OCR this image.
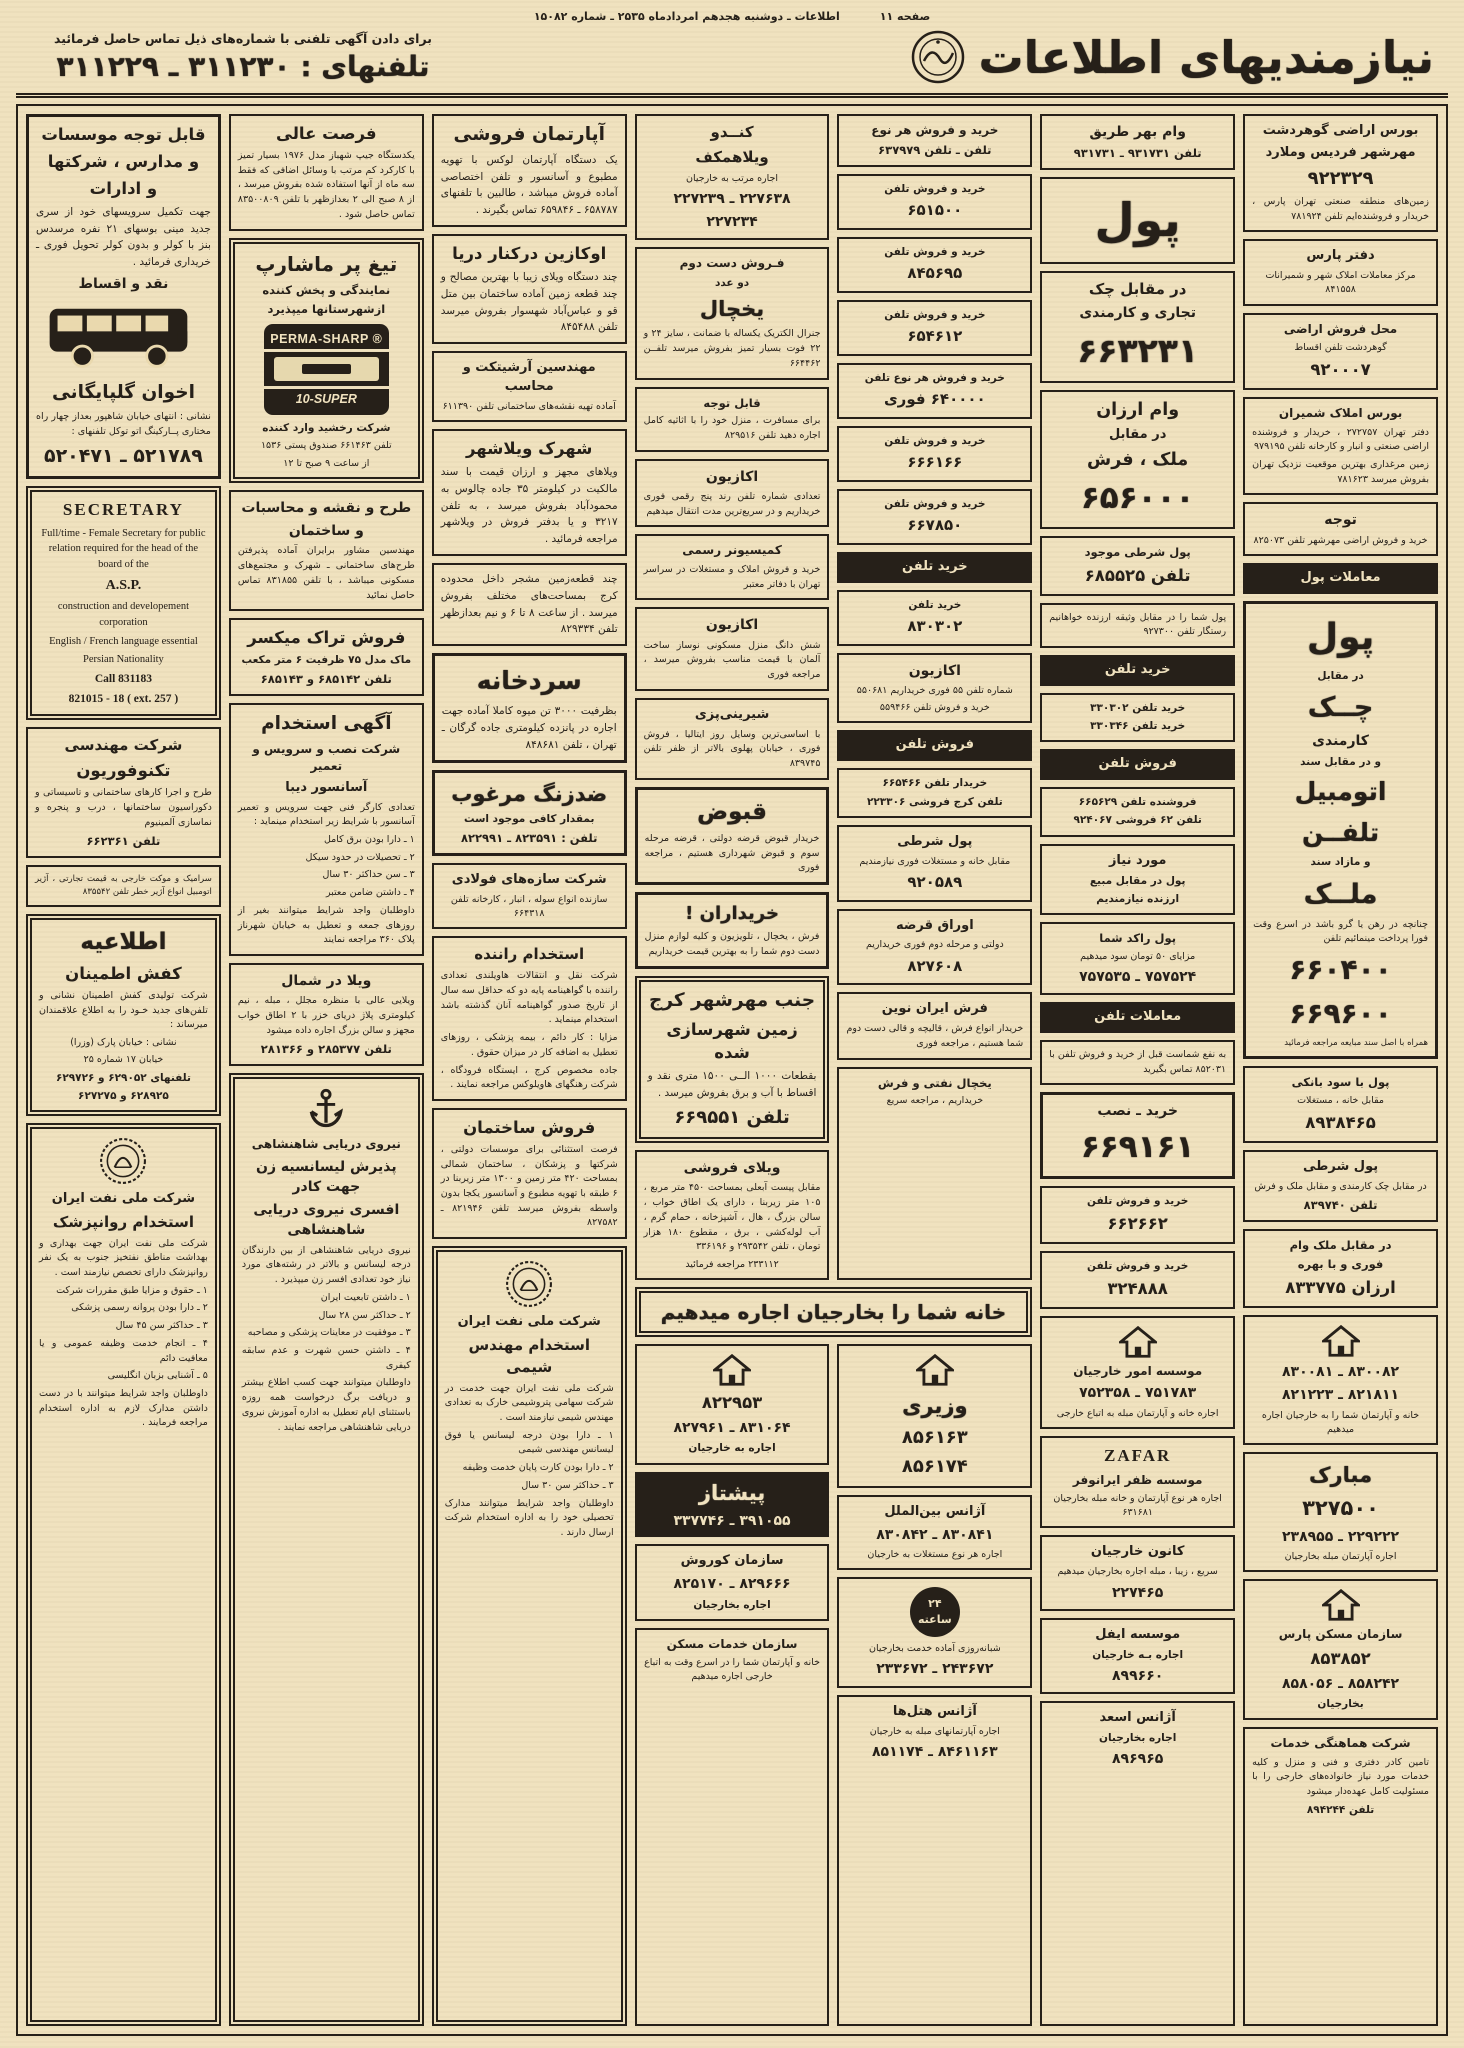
صفحه ۱۱
اطلاعات ـ دوشنبه هجدهم امردادماه ۲۵۳۵ ـ شماره ۱۵۰۸۲
نیازمندیهای اطلاعات
برای دادن آگهی تلفنی با شماره‌های ذیل تماس حاصل فرمائید
تلفنهای : ۳۱۱۲۳۰ ـ ۳۱۱۲۲۹
بورس اراضی گوهردشت
مهرشهر فردیس وملارد
۹۲۲۳۲۹
زمین‌های منطقه صنعتی تهران پارس ، خریدار و فروشنده‌ایم تلفن ۷۸۱۹۲۴
دفتر پارس
مرکز معاملات املاک شهر و شمیرانات ۸۴۱۵۵۸
محل فروش اراضی
گوهردشت تلفن اقساط
۹۲۰۰۰۷
بورس املاک شمیران
دفتر تهران ۲۷۲۷۵۷ ، خریدار و فروشنده اراضی صنعتی و انبار و کارخانه تلفن ۹۷۹۱۹۵
زمین مرغداری بهترین موقعیت نزدیک تهران بفروش میرسد ۷۸۱۶۲۳
توجه
خرید و فروش اراضی مهرشهر تلفن ۸۲۵۰۷۳
معاملات پول
پول
در مقابل
چــک
کارمندی
و در مقابل سند
اتومبیل
تلفــن
و مازاد سند
ملــک
چنانچه در رهن یا گرو باشد در اسرع وقت فورا پرداخت مینمائیم تلفن
۶۶۰۴۰۰
۶۶۹۶۰۰
همراه با اصل سند مبایعه مراجعه فرمائید
پول با سود بانکی
مقابل خانه ، مستغلات
۸۹۳۸۴۶۵
پول شرطی
در مقابل چک کارمندی و مقابل ملک و فرش
تلفن ۸۳۹۷۴۰
در مقابل ملک وام
فوری و با بهره
ارزان ۸۳۳۷۷۵
۸۳۰۰۸۲ ـ ۸۳۰۰۸۱
۸۲۱۸۱۱ ـ ۸۲۱۲۲۳
خانه و آپارتمان شما را به خارجیان اجاره میدهیم
مبارک
۳۲۷۵۰۰
۲۲۹۲۲۲ ـ ۲۳۸۹۵۵
اجاره آپارتمان مبله بخارجیان
سازمان مسکن پارس
۸۵۳۸۵۲
۸۵۸۲۴۲ ـ ۸۵۸۰۵۶
بخارجیان
شرکت هماهنگی خدمات
تامین کادر دفتری و فنی و منزل و کلیه خدمات مورد نیاز خانواده‌های خارجی را با مسئولیت کامل عهده‌دار میشود
تلفن ۸۹۴۲۴۴
وام بهر طریق
تلفن ۹۳۱۷۳۱ ـ ۹۳۱۷۳۱
پول
در مقابل چک
تجاری و کارمندی
۶۶۳۲۳۱
وام ارزان
در مقابل
ملک ، فرش
۶۵۶۰۰۰
پول شرطی موجود
تلفن ۶۸۵۵۲۵
پول شما را در مقابل وثیقه ارزنده خواهانیم رستگار تلفن ۹۲۷۳۰۰
خرید تلفن
خرید تلفن ۳۳۰۳۰۲
خرید تلفن ۳۳۰۳۴۶
فروش تلفن
فروشنده تلفن ۶۶۵۶۲۹
تلفن ۶۲ فروشی ۹۲۴۰۶۷
مورد نیاز
پول در مقابل مبیع
ارزنده نیازمندیم
پول راکد شما
مزایای ۵۰ تومان سود میدهیم
۷۵۷۵۲۴ ـ ۷۵۷۵۳۵
معاملات تلفن
به نفع شماست قبل از خرید و فروش تلفن با ۸۵۲۰۳۱ تماس بگیرید
خرید ـ نصب
۶۶۹۱۶۱
خرید و فروش تلفن
۶۶۲۶۶۲
خرید و فروش تلفن
۳۲۴۸۸۸
موسسه امور خارجیان
۷۵۱۷۸۳ ـ ۷۵۲۳۵۸
اجاره خانه و آپارتمان مبله به اتباع خارجی
ZAFAR
موسسه ظفر ایرانوفر
اجاره هر نوع آپارتمان و خانه مبله بخارجیان ۶۳۱۶۸۱
کانون خارجیان
سریع ، زیبا ، مبله اجاره بخارجیان میدهیم
۲۲۷۴۶۵
موسسه ایفل
اجاره بـه خارجیان
۸۹۹۶۶۰
آژانس اسعد
اجاره بخارجیان
۸۹۶۹۶۵
خرید و فروش هر نوع
تلفن ـ تلفن ۶۳۷۹۷۹
خرید و فروش تلفن
۶۵۱۵۰۰
خرید و فروش تلفن
۸۴۵۶۹۵
خرید و فروش تلفن
۶۵۴۶۱۲
خرید و فروش هر نوع تلفن
۶۴۰۰۰۰ فوری
خرید و فروش تلفن
۶۶۶۱۶۶
خرید و فروش تلفن
۶۶۷۸۵۰
خرید تلفن
خرید تلفن
۸۳۰۳۰۲
اکازیون
شماره تلفن ۵۵ فوری خریداریم ۵۵۰۶۸۱
خرید و فروش تلفن ۵۵۹۴۶۶
فروش تلفن
خریدار تلفن ۶۶۵۴۶۶
تلفن کرج فروشی ۲۲۳۳۰۶
پول شرطی
مقابل خانه و مستغلات فوری نیازمندیم
۹۲۰۵۸۹
اوراق قرضه
دولتی و مرحله دوم فوری خریداریم
۸۲۷۶۰۸
فرش ایران نوین
خریدار انواع فرش ، قالیچه و قالی دست دوم شما هستیم ، مراجعه فوری
یخچال نفتی و فرش
خریداریم ، مراجعه سریع
کنــدو
ویلاهمکف
اجاره مرتب به خارجیان
۲۲۷۶۳۸ ـ ۲۲۷۲۳۹
۲۲۷۲۳۴
فـروش دست دوم
دو عدد
یخچال
جنرال الکتریک یکساله با ضمانت ، سایز ۲۴ و ۲۲ فوت بسیار تمیز بفروش میرسد تلفــن ۶۶۴۴۶۲
قابل توجه
برای مسافرت ، منزل خود را با اثاثیه کامل اجاره دهید تلفن ۸۲۹۵۱۶
اکازیون
تعدادی شماره تلفن رند پنج رقمی فوری خریداریم و در سریع‌ترین مدت انتقال میدهیم
کمیسیونر رسمی
خرید و فروش املاک و مستغلات در سراسر تهران با دفاتر معتبر
اکازیون
شش دانگ منزل مسکونی نوساز ساخت آلمان با قیمت مناسب بفروش میرسد ، مراجعه فوری
شیرینی‌پزی
با اساسی‌ترین وسایل روز ایتالیا ، فروش فوری ، خیابان پهلوی بالاتر از ظفر تلفن ۸۳۹۷۴۵
قبوض
خریدار قبوض قرضه دولتی ، قرضه مرحله سوم و قبوض شهرداری هستیم ، مراجعه فوری
خریداران !
فرش ، یخچال ، تلویزیون و کلیه لوازم منزل دست دوم شما را به بهترین قیمت خریداریم
جنب مهرشهر کرج
زمین شهرسازی شده
بقطعات ۱۰۰۰ الــی ۱۵۰۰ متری نقد و اقساط با آب و برق بفروش میرسد .
تلفن ۶۶۹۵۵۱
ویلای فروشی
مقابل پیست آبعلی بمساحت ۴۵۰ متر مربع ، ۱۰۵ متر زیربنا ، دارای یک اطاق خواب ، سالن بزرگ ، هال ، آشپزخانه ، حمام گرم ، آب لوله‌کشی ، برق ، مقطوع ۱۸۰ هزار تومان ، تلفن ۲۹۳۵۴۲ و ۳۳۶۱۹۶
۲۳۳۱۱۲ مراجعه فرمائید
خانه شما را بخارجیان اجاره میدهیم
وزیری
۸۵۶۱۶۳
۸۵۶۱۷۴
آژانس بین‌الملل
۸۳۰۸۴۱ ـ ۸۳۰۸۴۲
اجاره هر نوع مستغلات به خارجیان
۲۴ ساعته
شبانه‌روزی آماده خدمت بخارجیان
۲۴۳۶۷۲ ـ ۲۳۳۶۷۲
آژانس هتل‌ها
اجاره آپارتمانهای مبله به خارجیان
۸۴۶۱۱۶۳ ـ ۸۵۱۱۷۴
۸۲۲۹۵۳
۸۳۱۰۶۴ ـ ۸۲۷۹۶۱
اجاره به خارجیان
پیشتاز
۳۹۱۰۵۵ ـ ۳۳۷۷۴۶
سازمان کوروش
۸۲۹۶۶۶ ـ ۸۲۵۱۷۰
اجاره بخارجیان
سازمان خدمات مسکن
خانه و آپارتمان شما را در اسرع وقت به اتباع خارجی اجاره میدهیم
آپارتمان فروشی
یک دستگاه آپارتمان لوکس با تهویه مطبوع و آسانسور و تلفن اختصاصی آماده فروش میباشد ، طالبین با تلفنهای ۶۵۸۷۸۷ ـ ۶۵۹۸۴۶ تماس بگیرند .
اوکازین درکنار دریا
چند دستگاه ویلای زیبا با بهترین مصالح و چند قطعه زمین آماده ساختمان بین متل قو و عباس‌آباد شهسوار بفروش میرسد تلفن ۸۴۵۴۸۸
مهندسین آرشیتکت و محاسب
آماده تهیه نقشه‌های ساختمانی تلفن ۶۱۱۳۹۰
شهرک ویلاشهر
ویلاهای مجهز و ارزان قیمت با سند مالکیت در کیلومتر ۳۵ جاده چالوس به محمودآباد بفروش میرسد ، به تلفن ۳۲۱۷ و یا بدفتر فروش در ویلاشهر مراجعه فرمائید .
چند قطعه‌زمین مشجر داخل محدوده کرج بمساحت‌های مختلف بفروش میرسد . از ساعت ۸ تا ۶ و نیم بعدازظهر تلفن ۸۲۹۳۳۴
سردخانه
بظرفیت ۳۰۰۰ تن میوه کاملا آماده جهت اجاره در پانزده کیلومتری جاده گرگان ـ تهران ، تلفن ۸۴۸۶۸۱
ضدزنگ مرغوب
بمقدار کافی موجود است
تلفن : ۸۲۳۵۹۱ ـ ۸۲۲۹۹۱
شرکت سازه‌های فولادی
سازنده انواع سوله ، انبار ، کارخانه تلفن ۶۶۴۳۱۸
استخدام راننده
شرکت نقل و انتقالات هاویلندی تعدادی راننده با گواهینامه پایه دو که حداقل سه سال از تاریخ صدور گواهینامه آنان گذشته باشد استخدام مینماید .
مزایا : کار دائم ، بیمه پزشکی ، روزهای تعطیل به اضافه کار در میزان حقوق .
جاده مخصوص کرج ، ایستگاه فرودگاه ، شرکت رهنگهای هاویلوکس مراجعه نمایند .
فروش ساختمان
فرصت استثنائی برای موسسات دولتی ، شرکتها و پزشکان ، ساختمان شمالی بمساحت ۴۲۰ متر زمین و ۱۳۰۰ متر زیربنا در ۶ طبقه با تهویه مطبوع و آسانسور یکجا بدون واسطه بفروش میرسد تلفن ۸۲۱۹۴۶ ـ ۸۲۷۵۸۲
شرکت ملی نفت ایران
استخدام مهندس شیمی
شرکت ملی نفت ایران جهت خدمت در شرکت سهامی پتروشیمی خارک به تعدادی مهندس شیمی نیازمند است .
۱ ـ دارا بودن درجه لیسانس یا فوق لیسانس مهندسی شیمی
۲ ـ دارا بودن کارت پایان خدمت وظیفه
۳ ـ حداکثر سن ۳۰ سال
داوطلبان واجد شرایط میتوانند مدارک تحصیلی خود را به اداره استخدام شرکت ارسال دارند .
فرصت عالی
یکدستگاه جیپ شهباز مدل ۱۹۷۶ بسیار تمیز با کارکرد کم مرتب با وسائل اضافی که فقط سه ماه از آنها استفاده شده بفروش میرسد ، از ۸ صبح الی ۲ بعدازظهر با تلفن ۸۳۵۰۰۸۰۹ تماس حاصل شود .
تیغ پر ماشارپ
نمایندگی و پخش کننده
ازشهرستانها میپذیرد
PERMA-SHARP ®
10-SUPER
شرکت رخشید وارد کننده
تلفن ۶۶۱۴۶۳ صندوق پستی ۱۵۳۶
از ساعت ۹ صبح تا ۱۲
طرح و نقشه و محاسبات
و ساختمان
مهندسین مشاور برایران آماده پذیرفتن طرح‌های ساختمانی ـ شهرک و مجتمع‌های مسکونی میباشد ، با تلفن ۸۳۱۸۵۵ تماس حاصل نمائید
فروش تراک میکسر
ماک مدل ۷۵ ظرفیت ۶ متر مکعب
تلفن ۶۸۵۱۴۲ و ۶۸۵۱۴۳
آگهی استخدام
شرکت نصب و سرویس و تعمیر
آسانسور دیبا
تعدادی کارگر فنی جهت سرویس و تعمیر آسانسور با شرایط زیر استخدام مینماید :
۱ ـ دارا بودن برق کامل
۲ ـ تحصیلات در حدود سیکل
۳ ـ سن حداکثر ۳۰ سال
۴ ـ داشتن ضامن معتبر
داوطلبان واجد شرایط میتوانند بغیر از روزهای جمعه و تعطیل به خیابان شهرناز پلاک ۳۶۰ مراجعه نمایند
ویلا در شمال
ویلایی عالی با منظره مجلل ، مبله ، نیم کیلومتری پلاژ دریای خزر با ۲ اطاق خواب مجهز و سالن بزرگ اجاره داده میشود
تلفن ۲۸۵۳۷۷ و ۲۸۱۳۶۶
نیروی دریایی شاهنشاهی
پذیرش لیسانسیه زن جهت کادر
افسری نیروی دریایی شاهنشاهی
نیروی دریایی شاهنشاهی از بین دارندگان درجه لیسانس و بالاتر در رشته‌های مورد نیاز خود تعدادی افسر زن میپذیرد .
۱ ـ داشتن تابعیت ایران
۲ ـ حداکثر سن ۲۸ سال
۳ ـ موفقیت در معاینات پزشکی و مصاحبه
۴ ـ داشتن حسن شهرت و عدم سابقه کیفری
داوطلبان میتوانند جهت کسب اطلاع بیشتر و دریافت برگ درخواست همه روزه باستثنای ایام تعطیل به اداره آموزش نیروی دریایی شاهنشاهی مراجعه نمایند .
قابل توجه موسسات
و مدارس ، شرکتها
و ادارات
جهت تکمیل سرویسهای خود از سری جدید مینی بوسهای ۲۱ نفره مرسدس بنز با کولر و بدون کولر تحویل فوری ـ خریداری فرمائید .
نقد و اقساط
اخوان گلپایگانی
نشانی : انتهای خیابان شاهپور بعداز چهار راه مختاری پــارکینگ اتو توکل تلفنهای :
۵۲۱۷۸۹ ـ ۵۲۰۴۷۱
SECRETARY
Full/time - Female Secretary for public relation required for the head of the board of the
A.S.P.
construction and developement corporation
English / French language essential
Persian Nationality
Call 831183
821015 - 18 ( ext. 257 )
شرکت مهندسی
تکنوفوریون
طرح و اجرا کارهای ساختمانی و تاسیساتی و دکوراسیون ساختمانها ، درب و پنجره و نماسازی آلمینیوم
تلفن ۶۶۲۳۶۱
سرامیک و موکت خارجی به قیمت تجارتی ، آژیر اتومبیل انواع آژیر خطر تلفن ۸۳۵۵۴۲
اطلاعیه
کفش اطمینان
شرکت تولیدی کفش اطمینان نشانی و تلفن‌های جدید خـود را به اطلاع علاقمندان میرساند :
نشانی : خیابان پارک (وزرا)
خیابان ۱۷ شماره ۲۵
تلفنهای ۶۲۹۰۵۲ و ۶۲۹۷۲۶
۶۲۸۹۲۵ و ۶۲۷۲۷۵
شرکت ملی نفت ایران
استخدام روانپزشک
شرکت ملی نفت ایران جهت بهداری و بهداشت مناطق نفتخیز جنوب به یک نفر روانپزشک دارای تخصص نیازمند است .
۱ ـ حقوق و مزایا طبق مقررات شرکت
۲ ـ دارا بودن پروانه رسمی پزشکی
۳ ـ حداکثر سن ۴۵ سال
۴ ـ انجام خدمت وظیفه عمومی و یا معافیت دائم
۵ ـ آشنایی بزبان انگلیسی
داوطلبان واجد شرایط میتوانند با در دست داشتن مدارک لازم به اداره استخدام مراجعه فرمایند .
